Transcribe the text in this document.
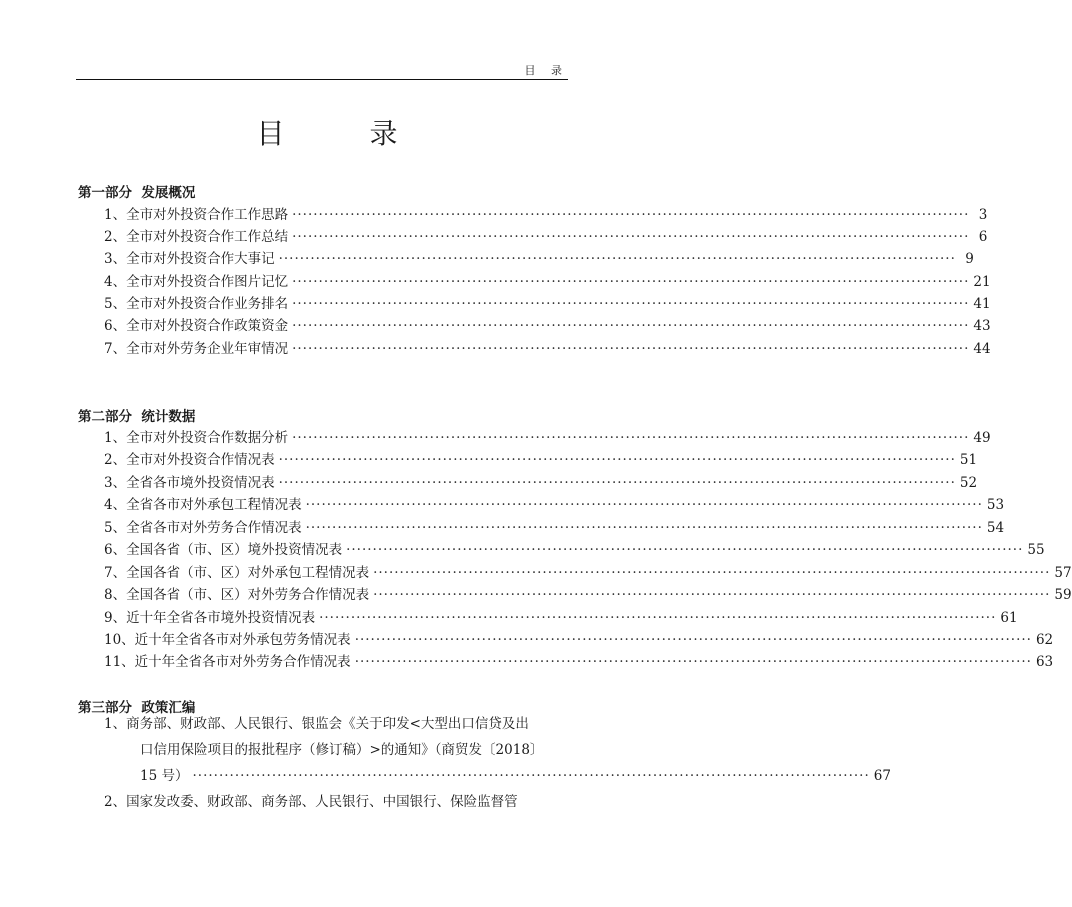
目 录
目 录
第一部分  发展概况
1、全市对外投资合作工作思路 ································································································································ 3
2、全市对外投资合作工作总结 ································································································································ 6
3、全市对外投资合作大事记 ································································································································ 9
4、全市对外投资合作图片记忆 ································································································································ 21
5、全市对外投资合作业务排名 ································································································································ 41
6、全市对外投资合作政策资金 ································································································································ 43
7、全市对外劳务企业年审情况 ································································································································ 44
第二部分  统计数据
1、全市对外投资合作数据分析 ································································································································ 49
2、全市对外投资合作情况表 ································································································································ 51
3、全省各市境外投资情况表 ································································································································ 52
4、全省各市对外承包工程情况表 ································································································································ 53
5、全省各市对外劳务合作情况表 ································································································································ 54
6、全国各省（市、区）境外投资情况表 ································································································································ 55
7、全国各省（市、区）对外承包工程情况表 ································································································································ 57
8、全国各省（市、区）对外劳务合作情况表 ································································································································ 59
9、近十年全省各市境外投资情况表 ································································································································ 61
10、近十年全省各市对外承包劳务情况表 ································································································································ 62
11、近十年全省各市对外劳务合作情况表 ································································································································ 63
第三部分  政策汇编
1、商务部、财政部、人民银行、银监会《关于印发<大型出口信贷及出
口信用保险项目的报批程序（修订稿）>的通知》（商贸发〔2018〕
15 号） ································································································································ 67
2、国家发改委、财政部、商务部、人民银行、中国银行、保险监督管
